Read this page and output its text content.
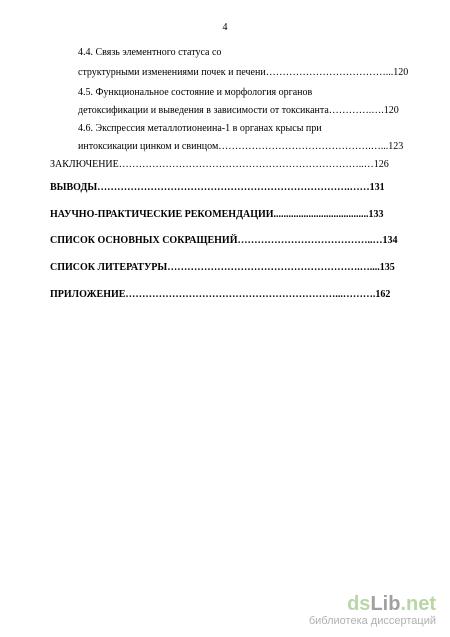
4
4.4. Связь элементного статуса со
структурными изменениями почек и печени………………………………...120
4.5. Функциональное состояние и морфология органов
детоксификации и выведения в зависимости от токсиканта………….….120
4.6. Экспрессия металлотионеина-1 в органах крысы при
интоксикации цинком и свинцом……………………………………….…...123
ЗАКЛЮЧЕНИЕ………………………………………………………………..…126
ВЫВОДЫ………………………………………………………………….……131
НАУЧНО-ПРАКТИЧЕСКИЕ РЕКОМЕНДАЦИИ......................................133
СПИСОК ОСНОВНЫХ СОКРАЩЕНИЙ…………………………………..…134
СПИСОК ЛИТЕРАТУРЫ………………………………………………….…....135
ПРИЛОЖЕНИЕ………………………………………………………...……….162
dsLib.net
библиотека диссертаций
